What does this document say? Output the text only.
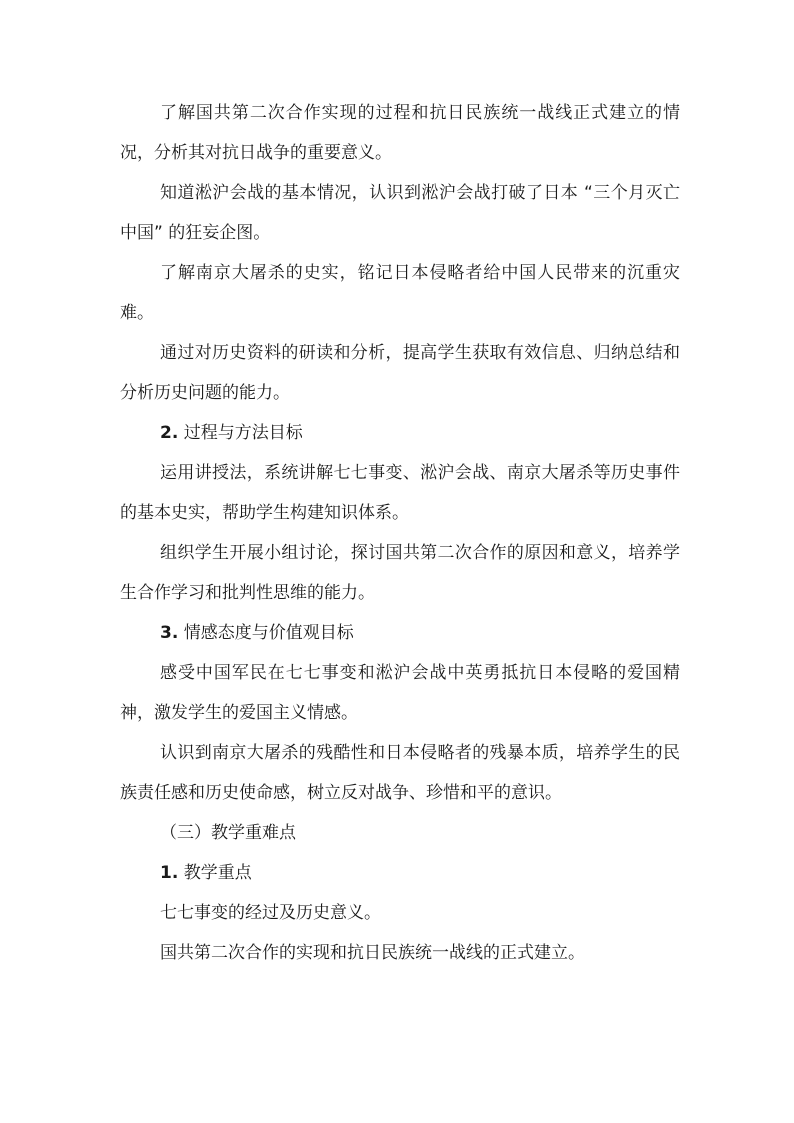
了解国共第二次合作实现的过程和抗日民族统一战线正式建立的情况，分析其对抗日战争的重要意义。

知道淞沪会战的基本情况，认识到淞沪会战打破了日本 “三个月灭亡中国” 的狂妄企图。

了解南京大屠杀的史实，铭记日本侵略者给中国人民带来的沉重灾难。

通过对历史资料的研读和分析，提高学生获取有效信息、归纳总结和分析历史问题的能力。

2. 过程与方法目标

运用讲授法，系统讲解七七事变、淞沪会战、南京大屠杀等历史事件的基本史实，帮助学生构建知识体系。

组织学生开展小组讨论，探讨国共第二次合作的原因和意义，培养学生合作学习和批判性思维的能力。

3. 情感态度与价值观目标

感受中国军民在七七事变和淞沪会战中英勇抵抗日本侵略的爱国精神，激发学生的爱国主义情感。

认识到南京大屠杀的残酷性和日本侵略者的残暴本质，培养学生的民族责任感和历史使命感，树立反对战争、珍惜和平的意识。

（三）教学重难点

1. 教学重点

七七事变的经过及历史意义。

国共第二次合作的实现和抗日民族统一战线的正式建立。
